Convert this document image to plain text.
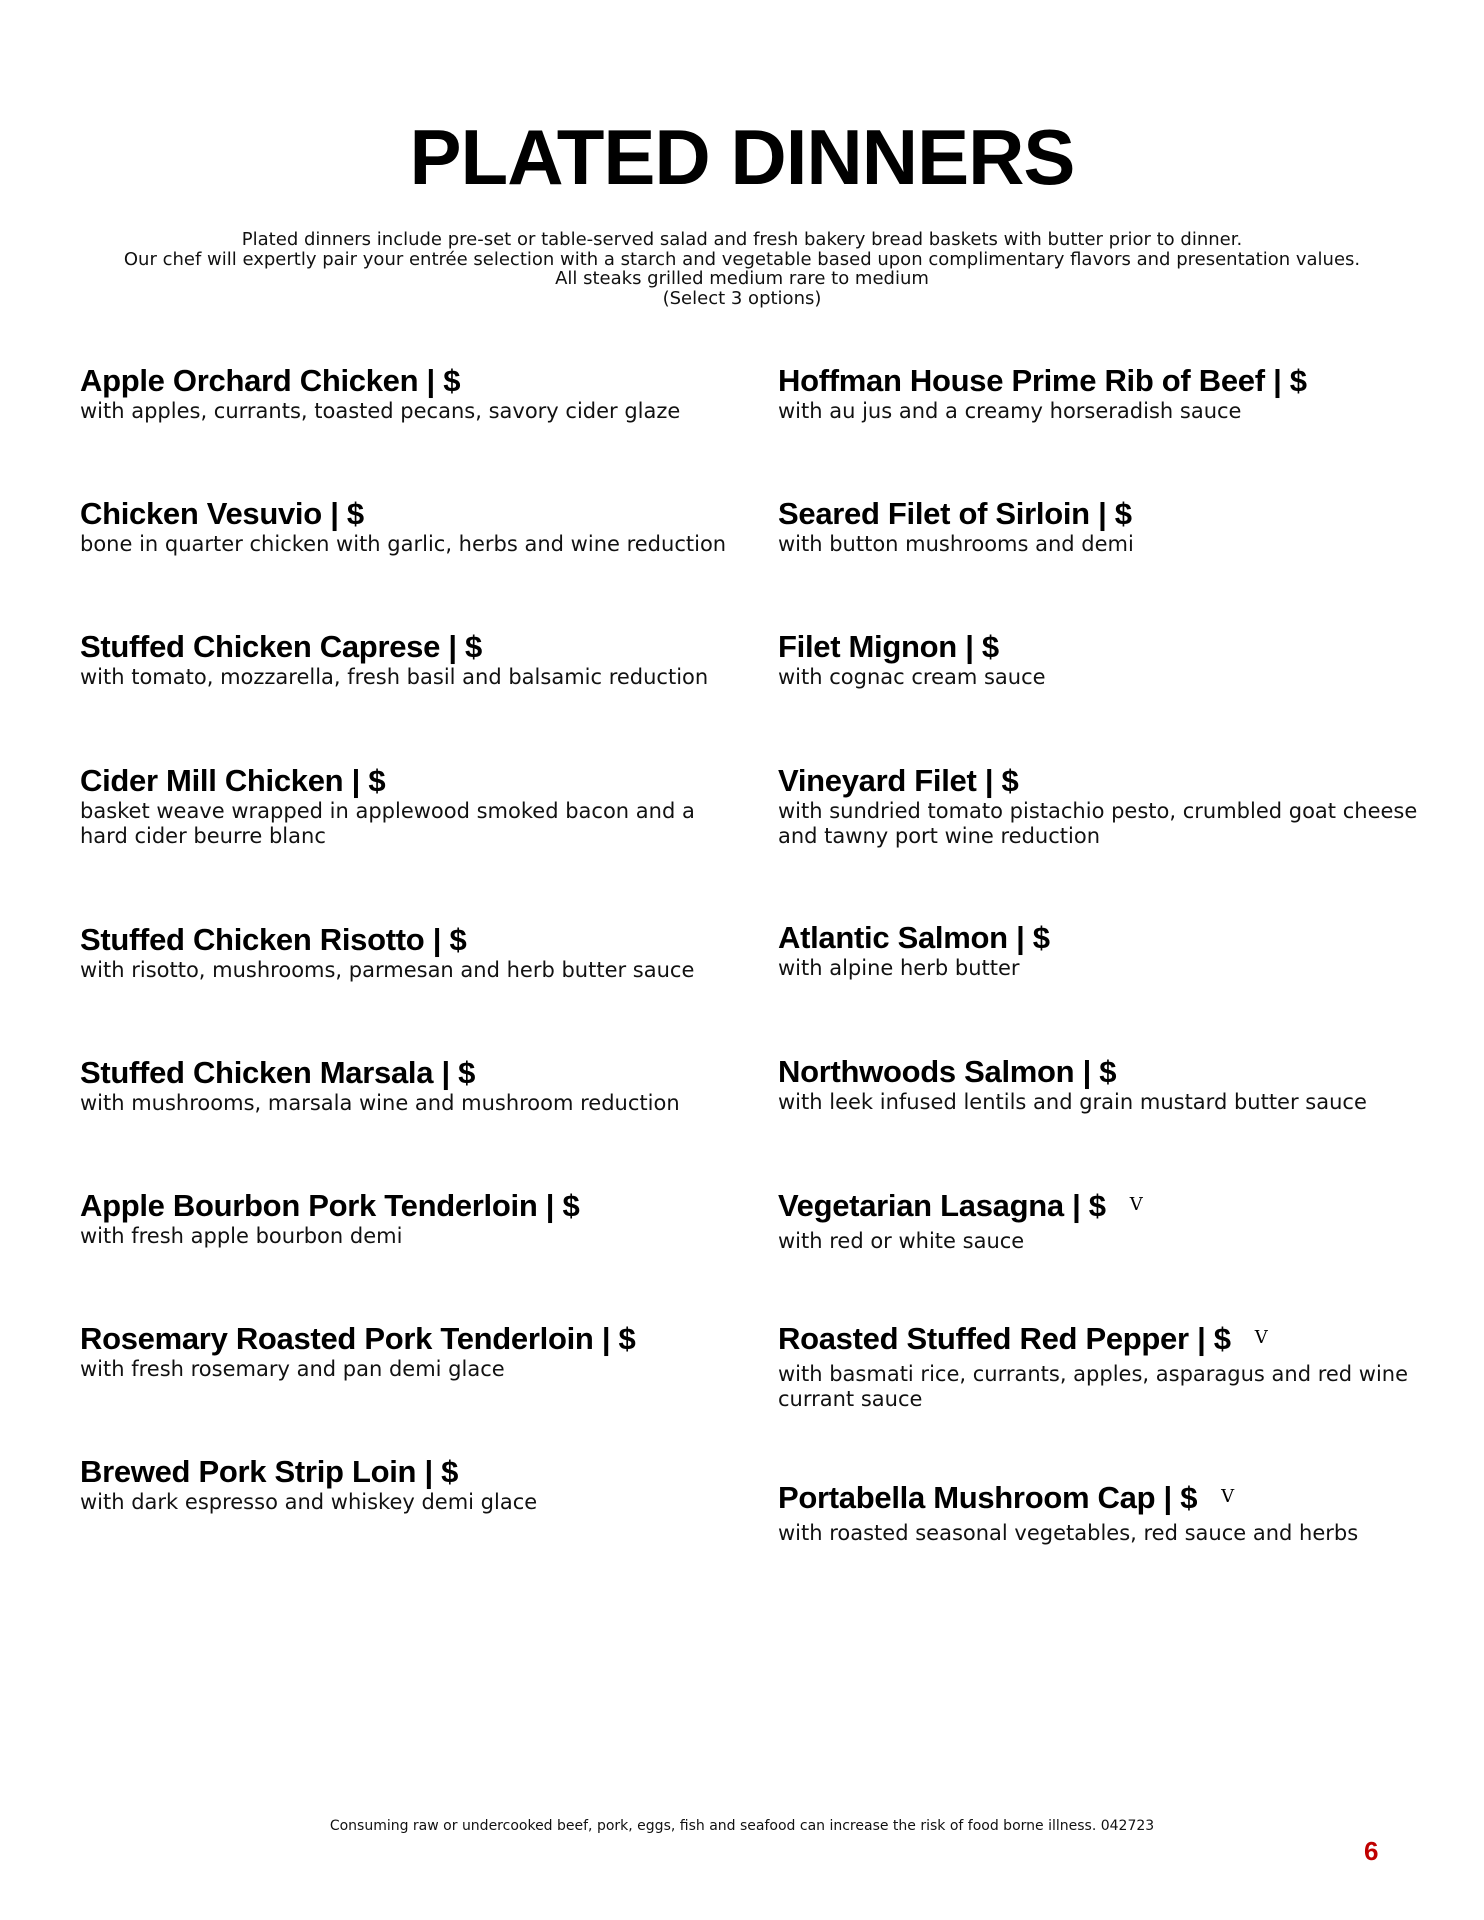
PLATED DINNERS
Plated dinners include pre-set or table-served salad and fresh bakery bread baskets with butter prior to dinner.
Our chef will expertly pair your entrée selection with a starch and vegetable based upon complimentary flavors and presentation values.
All steaks grilled medium rare to medium
(Select 3 options)
Apple Orchard Chicken | $
with apples, currants, toasted pecans, savory cider glaze
Chicken Vesuvio | $
bone in quarter chicken with garlic, herbs and wine reduction
Stuffed Chicken Caprese | $
with tomato, mozzarella, fresh basil and balsamic reduction
Cider Mill Chicken | $
basket weave wrapped in applewood smoked bacon and a hard cider beurre blanc
Stuffed Chicken Risotto | $
with risotto, mushrooms, parmesan and herb butter sauce
Stuffed Chicken Marsala | $
with mushrooms, marsala wine and mushroom reduction
Apple Bourbon Pork Tenderloin | $
with fresh apple bourbon demi
Rosemary Roasted Pork Tenderloin | $
with fresh rosemary and pan demi glace
Brewed Pork Strip Loin | $
with dark espresso and whiskey demi glace
Hoffman House Prime Rib of Beef | $
with au jus and a creamy horseradish sauce
Seared Filet of Sirloin | $
with button mushrooms and demi
Filet Mignon | $
with cognac cream sauce
Vineyard Filet | $
with sundried tomato pistachio pesto, crumbled goat cheese and tawny port wine reduction
Atlantic Salmon | $
with alpine herb butter
Northwoods Salmon | $
with leek infused lentils and grain mustard butter sauce
Vegetarian Lasagna | $ V
with red or white sauce
Roasted Stuffed Red Pepper | $ V
with basmati rice, currants, apples, asparagus and red wine currant sauce
Portabella Mushroom Cap | $ V
with roasted seasonal vegetables, red sauce and herbs
Consuming raw or undercooked beef, pork, eggs, fish and seafood can increase the risk of food borne illness. 042723
6
